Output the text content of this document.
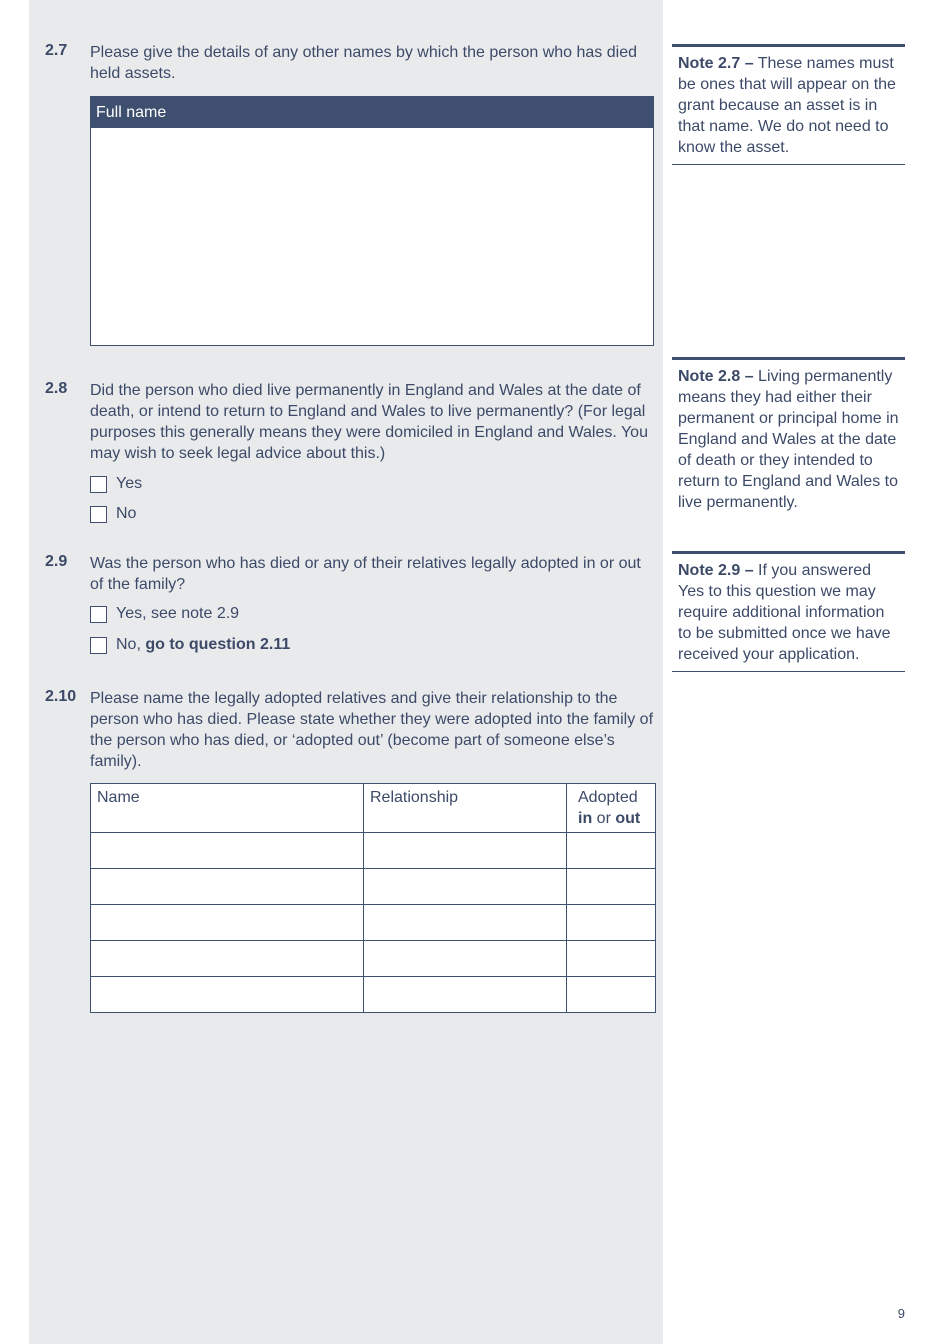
2.7 Please give the details of any other names by which the person who has died held assets.
Full name
2.8 Did the person who died live permanently in England and Wales at the date of death, or intend to return to England and Wales to live permanently? (For legal purposes this generally means they were domiciled in England and Wales. You may wish to seek legal advice about this.)
Yes
No
2.9 Was the person who has died or any of their relatives legally adopted in or out of the family?
Yes, see note 2.9
No, go to question 2.11
2.10 Please name the legally adopted relatives and give their relationship to the person who has died. Please state whether they were adopted into the family of the person who has died, or ‘adopted out’ (become part of someone else’s family).
Name	Relationship	Adopted
in or out

Note 2.7 – These names must be ones that will appear on the grant because an asset is in that name. We do not need to know the asset.
Note 2.8 – Living permanently means they had either their permanent or principal home in England and Wales at the date of death or they intended to return to England and Wales to live permanently.
Note 2.9 – If you answered Yes to this question we may require additional information to be submitted once we have received your application.
9
